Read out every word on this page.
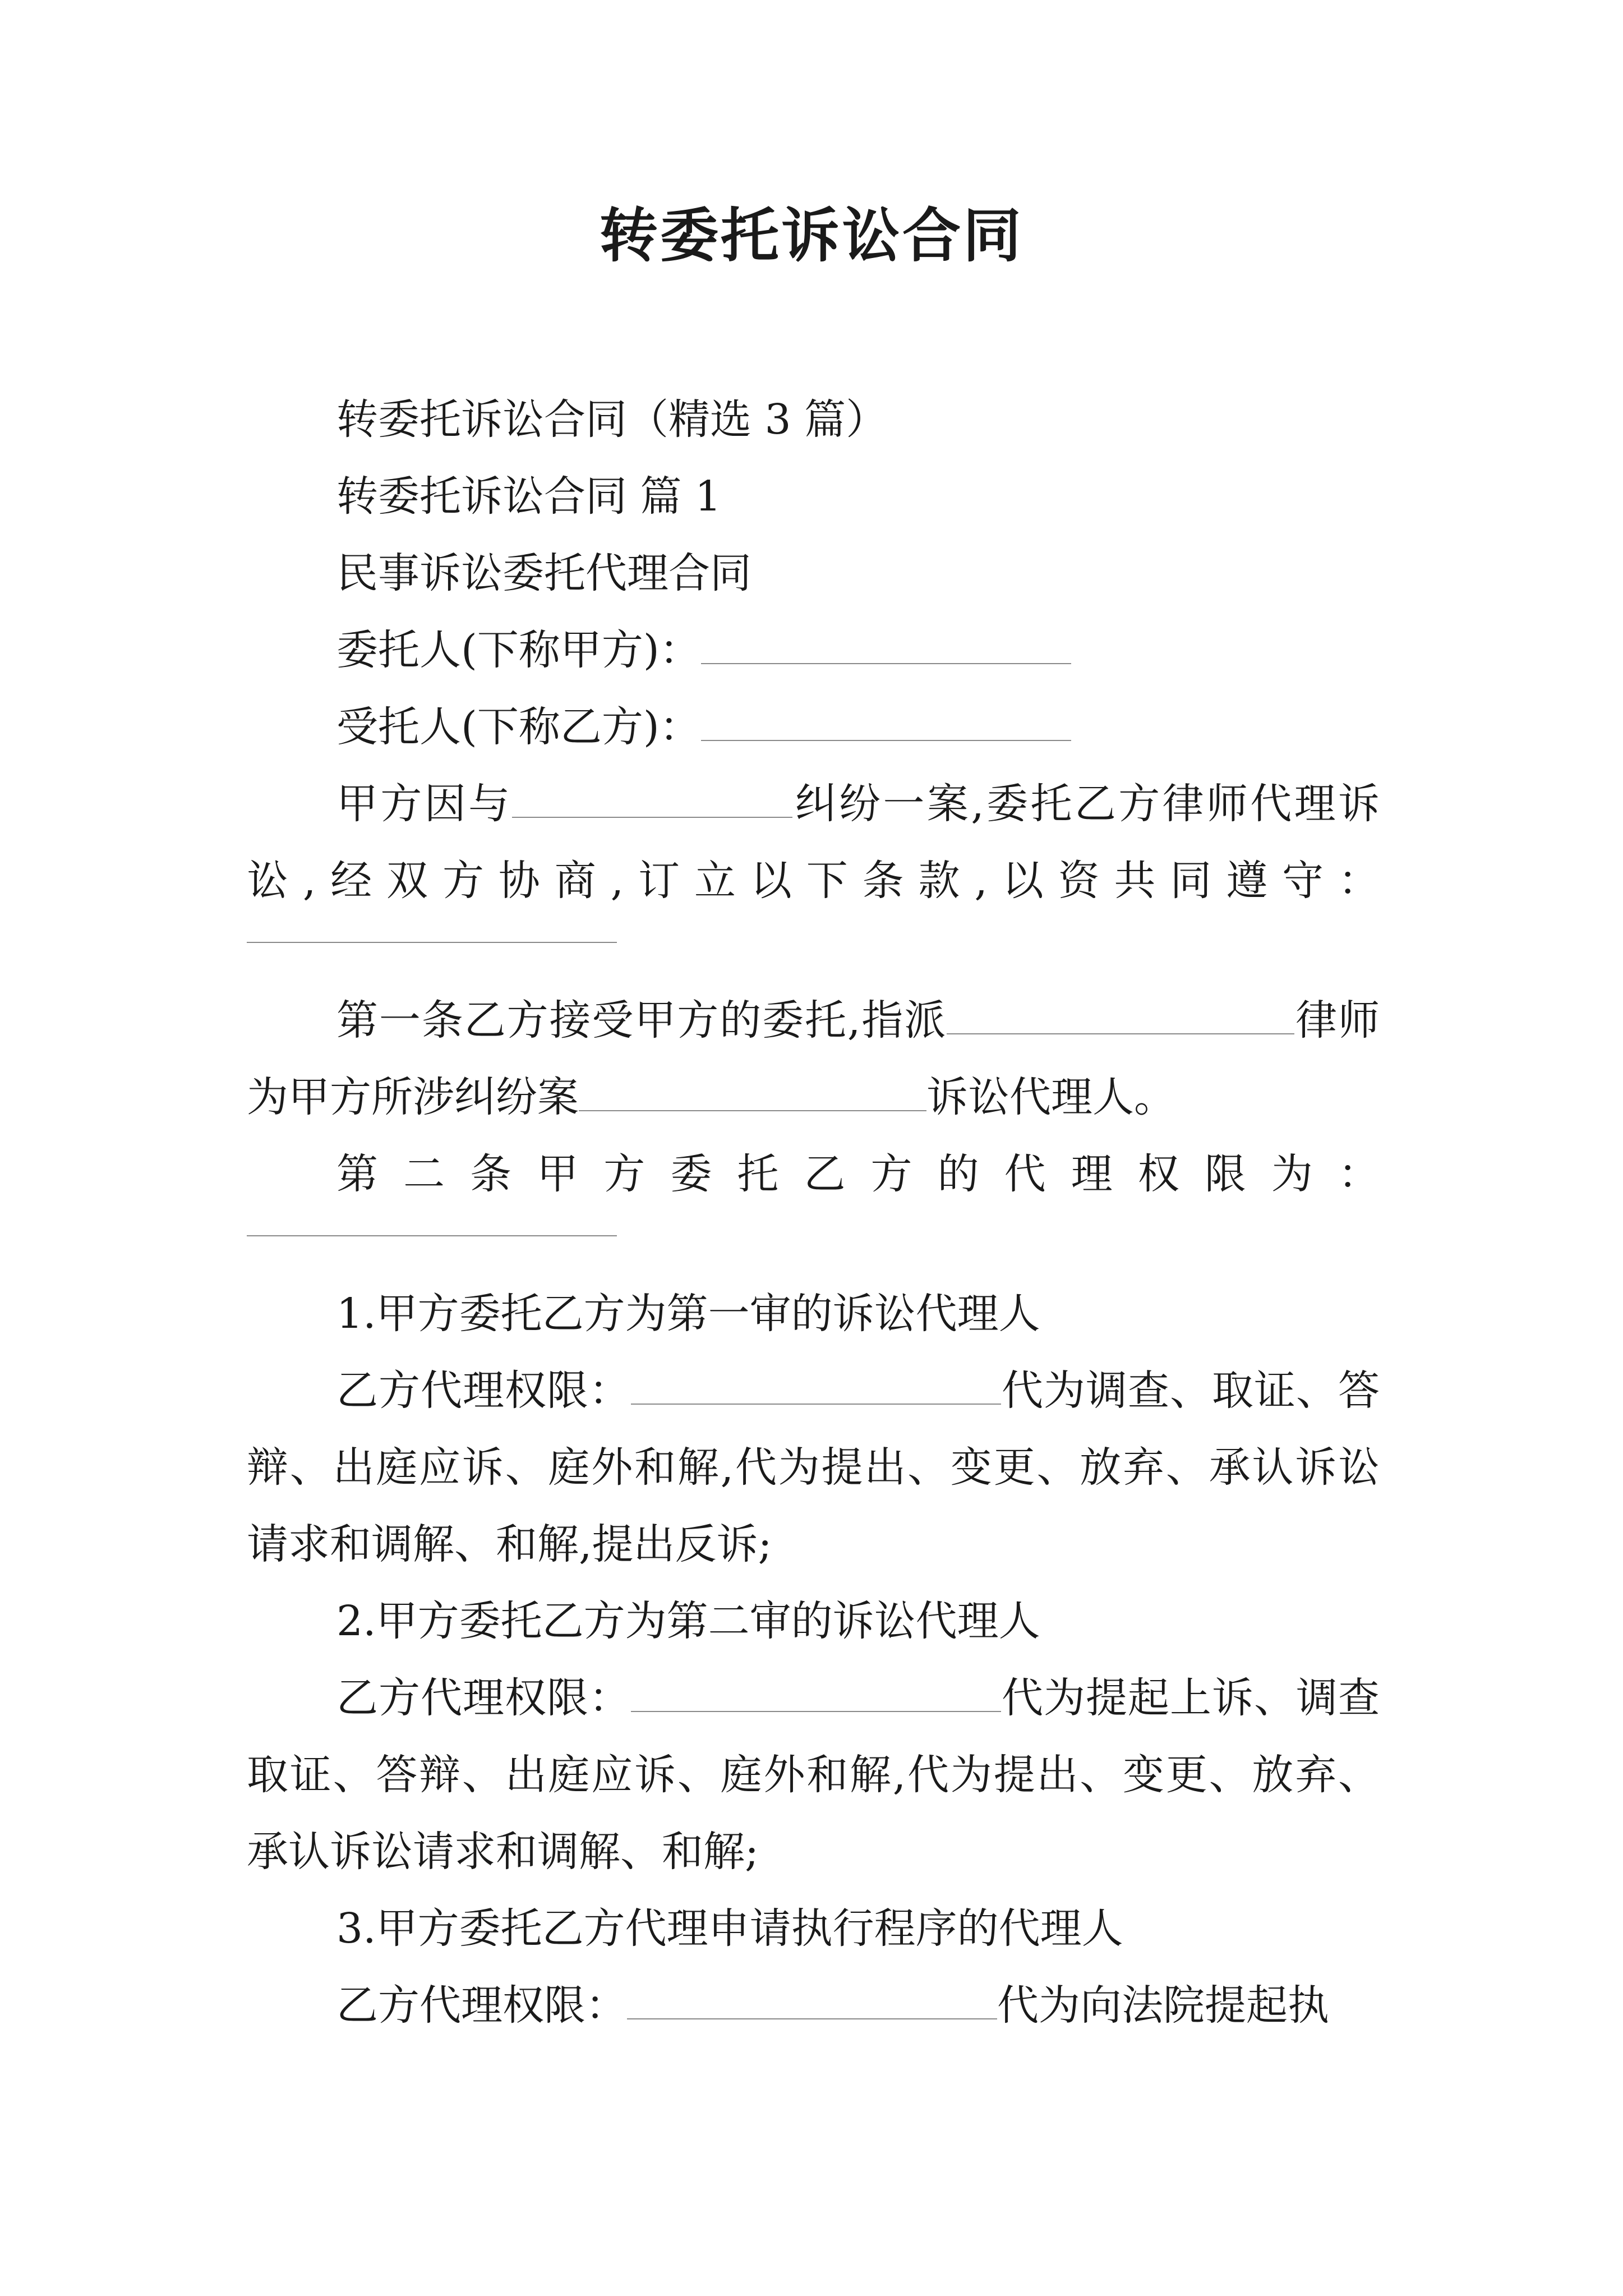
转委托诉讼合同

转委托诉讼合同（精选 3 篇）

转委托诉讼合同 篇 1

民事诉讼委托代理合同

委托人(下称甲方)：

受托人(下称乙方)：

甲方因与	纠纷一案,委托乙方律师代理诉讼,经双方协商,订立以下条款,以资共同遵守：

第一条乙方接受甲方的委托,指派	律师为甲方所涉纠纷案	诉讼代理人。

第二条甲方委托乙方的代理权限为：

1.甲方委托乙方为第一审的诉讼代理人

乙方代理权限：	代为调查、取证、答辩、出庭应诉、庭外和解,代为提出、变更、放弃、承认诉讼请求和调解、和解,提出反诉;

2.甲方委托乙方为第二审的诉讼代理人

乙方代理权限：	代为提起上诉、调查取证、答辩、出庭应诉、庭外和解,代为提出、变更、放弃、承认诉讼请求和调解、和解;

3.甲方委托乙方代理申请执行程序的代理人

乙方代理权限：	代为向法院提起执
